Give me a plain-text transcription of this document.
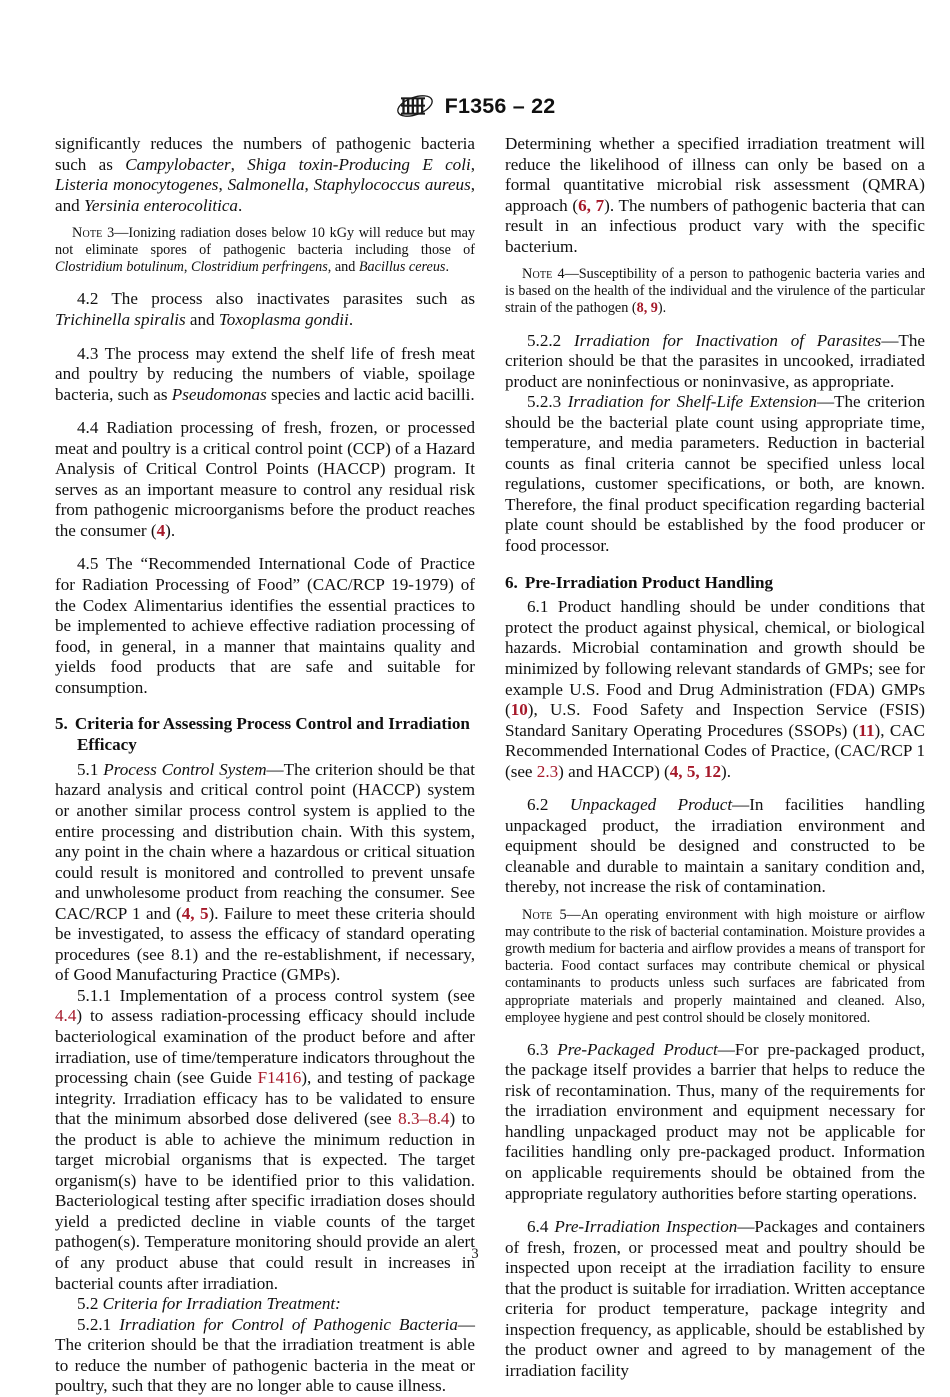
F1356 – 22

significantly reduces the numbers of pathogenic bacteria such as Campylobacter, Shiga toxin-Producing E coli, Listeria monocytogenes, Salmonella, Staphylococcus aureus, and Yersinia enterocolitica.

Note 3—Ionizing radiation doses below 10 kGy will reduce but may not eliminate spores of pathogenic bacteria including those of Clostridium botulinum, Clostridium perfringens, and Bacillus cereus.

4.2 The process also inactivates parasites such as Trichinella spiralis and Toxoplasma gondii.

4.3 The process may extend the shelf life of fresh meat and poultry by reducing the numbers of viable, spoilage bacteria, such as Pseudomonas species and lactic acid bacilli.

4.4 Radiation processing of fresh, frozen, or processed meat and poultry is a critical control point (CCP) of a Hazard Analysis of Critical Control Points (HACCP) program. It serves as an important measure to control any residual risk from pathogenic microorganisms before the product reaches the consumer (4).

4.5 The “Recommended International Code of Practice for Radiation Processing of Food” (CAC/RCP 19-1979) of the Codex Alimentarius identifies the essential practices to be implemented to achieve effective radiation processing of food, in general, in a manner that maintains quality and yields food products that are safe and suitable for consumption.

5. Criteria for Assessing Process Control and Irradiation Efficacy

5.1 Process Control System—The criterion should be that hazard analysis and critical control point (HACCP) system or another similar process control system is applied to the entire processing and distribution chain. With this system, any point in the chain where a hazardous or critical situation could result is monitored and controlled to prevent unsafe and unwholesome product from reaching the consumer. See CAC/RCP 1 and (4, 5). Failure to meet these criteria should be investigated, to assess the efficacy of standard operating procedures (see 8.1) and the re-establishment, if necessary, of Good Manufacturing Practice (GMPs).

5.1.1 Implementation of a process control system (see 4.4) to assess radiation-processing efficacy should include bacteriological examination of the product before and after irradiation, use of time/temperature indicators throughout the processing chain (see Guide F1416), and testing of package integrity. Irradiation efficacy has to be validated to ensure that the minimum absorbed dose delivered (see 8.3–8.4) to the product is able to achieve the minimum reduction in target microbial organisms that is expected. The target organism(s) have to be identified prior to this validation. Bacteriological testing after specific irradiation doses should yield a predicted decline in viable counts of the target pathogen(s). Temperature monitoring should provide an alert of any product abuse that could result in increases in bacterial counts after irradiation.

5.2 Criteria for Irradiation Treatment:

5.2.1 Irradiation for Control of Pathogenic Bacteria—The criterion should be that the irradiation treatment is able to reduce the number of pathogenic bacteria in the meat or poultry, such that they are no longer able to cause illness.

Determining whether a specified irradiation treatment will reduce the likelihood of illness can only be based on a formal quantitative microbial risk assessment (QMRA) approach (6, 7). The numbers of pathogenic bacteria that can result in an infectious product vary with the specific bacterium.

Note 4—Susceptibility of a person to pathogenic bacteria varies and is based on the health of the individual and the virulence of the particular strain of the pathogen (8, 9).

5.2.2 Irradiation for Inactivation of Parasites—The criterion should be that the parasites in uncooked, irradiated product are noninfectious or noninvasive, as appropriate.

5.2.3 Irradiation for Shelf-Life Extension—The criterion should be the bacterial plate count using appropriate time, temperature, and media parameters. Reduction in bacterial counts as final criteria cannot be specified unless local regulations, customer specifications, or both, are known. Therefore, the final product specification regarding bacterial plate count should be established by the food producer or food processor.

6. Pre-Irradiation Product Handling

6.1 Product handling should be under conditions that protect the product against physical, chemical, or biological hazards. Microbial contamination and growth should be minimized by following relevant standards of GMPs; see for example U.S. Food and Drug Administration (FDA) GMPs (10), U.S. Food Safety and Inspection Service (FSIS) Standard Sanitary Operating Procedures (SSOPs) (11), CAC Recommended International Codes of Practice, (CAC/RCP 1 (see 2.3) and HACCP) (4, 5, 12).

6.2 Unpackaged Product—In facilities handling unpackaged product, the irradiation environment and equipment should be designed and constructed to be cleanable and durable to maintain a sanitary condition and, thereby, not increase the risk of contamination.

Note 5—An operating environment with high moisture or airflow may contribute to the risk of bacterial contamination. Moisture provides a growth medium for bacteria and airflow provides a means of transport for bacteria. Food contact surfaces may contribute chemical or physical contaminants to products unless such surfaces are fabricated from appropriate materials and properly maintained and cleaned. Also, employee hygiene and pest control should be closely monitored.

6.3 Pre-Packaged Product—For pre-packaged product, the package itself provides a barrier that helps to reduce the risk of recontamination. Thus, many of the requirements for the irradiation environment and equipment necessary for handling unpackaged product may not be applicable for facilities handling only pre-packaged product. Information on applicable requirements should be obtained from the appropriate regulatory authorities before starting operations.

6.4 Pre-Irradiation Inspection—Packages and containers of fresh, frozen, or processed meat and poultry should be inspected upon receipt at the irradiation facility to ensure that the product is suitable for irradiation. Written acceptance criteria for product temperature, package integrity and inspection frequency, as applicable, should be established by the product owner and agreed to by management of the irradiation facility

3
